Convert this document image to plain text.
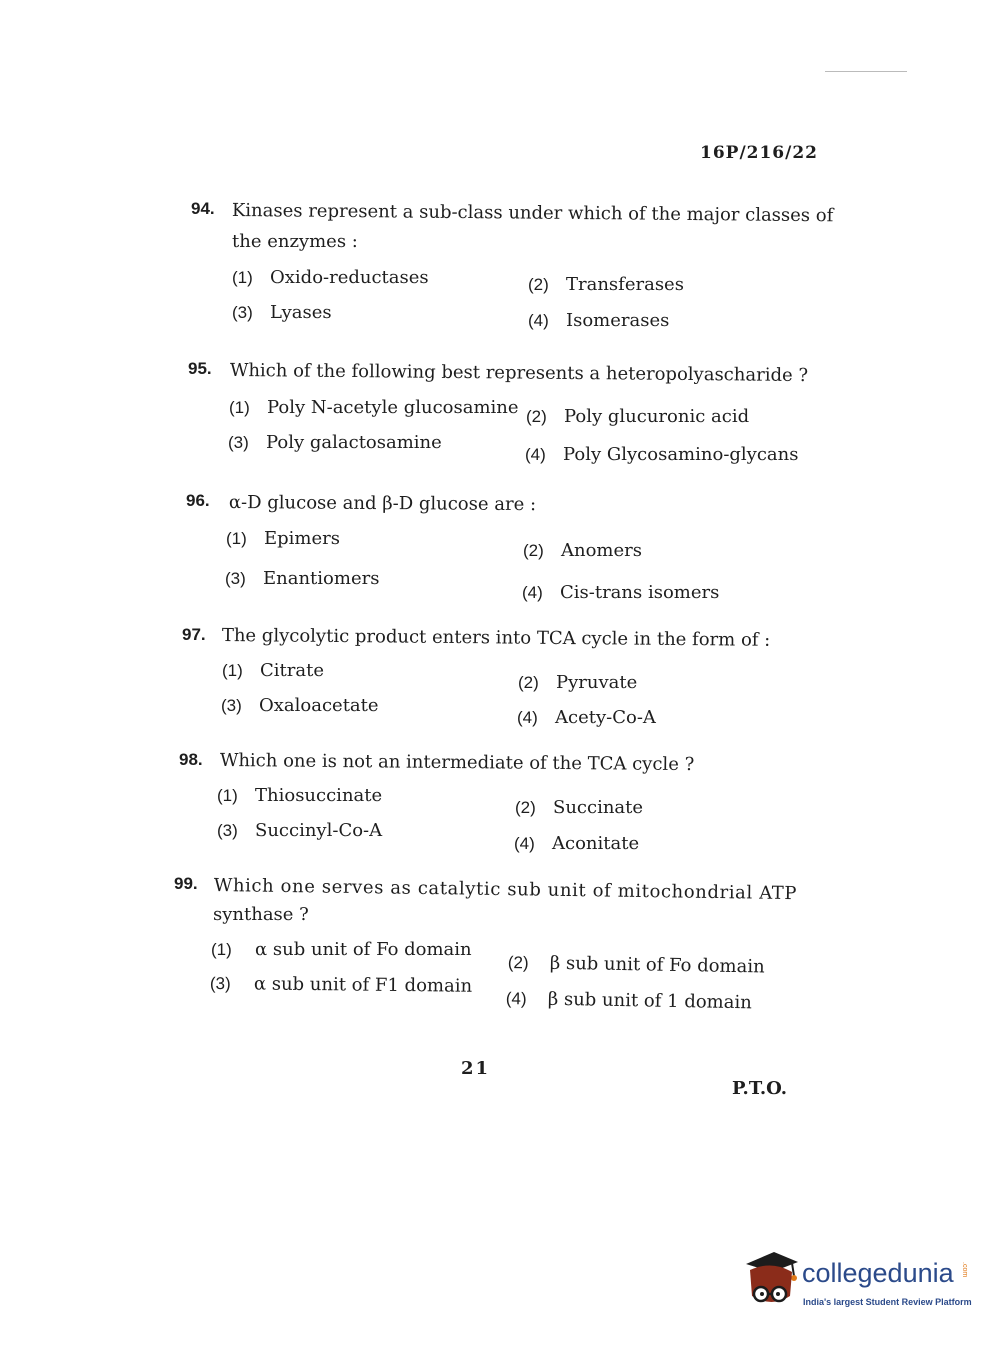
16P/216/22
94. Kinases represent a sub-class under which of the major classes of
the enzymes :
(1) Oxido-reductases	(2) Transferases
(3) Lyases	(4) Isomerases
95. Which of the following best represents a heteropolyascharide ?
(1) Poly N-acetyle glucosamine (2) Poly glucuronic acid
(3) Poly galactosamine
(4) Poly Glycosamino-glycans
96. α-D glucose and β-D glucose are :
(1) Epimers
(2) Anomers
(3) Enantiomers
(4) Cis-trans isomers
97. The glycolytic product enters into TCA cycle in the form of :
(1) Citrate
(2) Pyruvate
(3) Oxaloacetate
(4) Acety-Co-A
98. Which one is not an intermediate of the TCA cycle ?
(1) Thiosuccinate
(2) Succinate
(3) Succinyl-Co-A
(4) Aconitate
99. Which one serves as catalytic sub unit of mitochondrial ATP
synthase ?
(1) α sub unit of Fo domain
(2) β sub unit of Fo domain
(3) α sub unit of F1 domain
(4) β sub unit of 1 domain
21
P.T.O.
collegedunia .com
India's largest Student Review Platform
